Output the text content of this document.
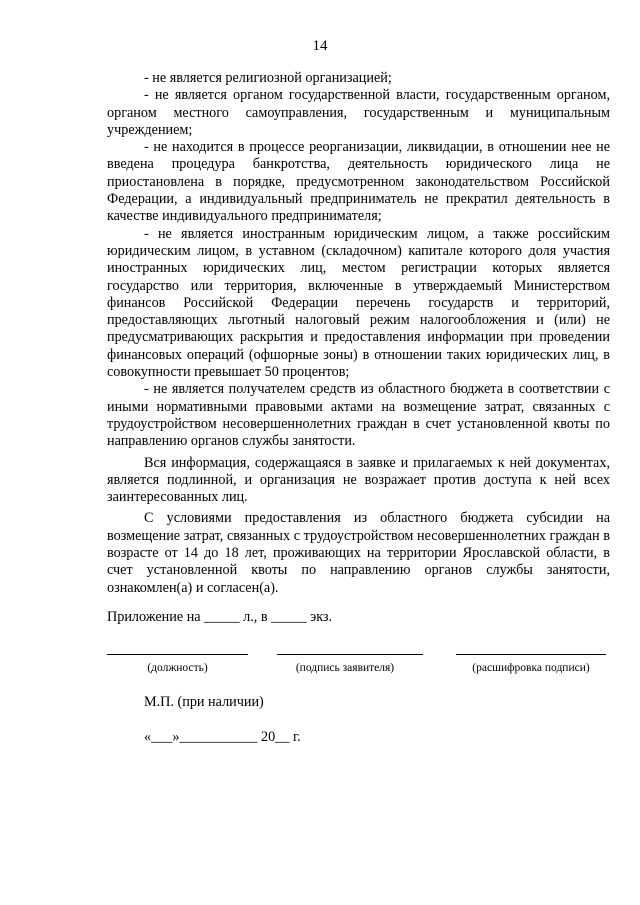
14

- не является религиозной организацией;

- не является органом государственной власти, государственным органом, органом местного самоуправления, государственным и муниципальным учреждением;

- не находится в процессе реорганизации, ликвидации, в отношении нее не введена процедура банкротства, деятельность юридического лица не приостановлена в порядке, предусмотренном законодательством Российской Федерации, а индивидуальный предприниматель не прекратил деятельность в качестве индивидуального предпринимателя;

- не является иностранным юридическим лицом, а также российским юридическим лицом, в уставном (складочном) капитале которого доля участия иностранных юридических лиц, местом регистрации которых является государство или территория, включенные в утверждаемый Министерством финансов Российской Федерации перечень государств и территорий, предоставляющих льготный налоговый режим налогообложения и (или) не предусматривающих раскрытия и предоставления информации при проведении финансовых операций (офшорные зоны) в отношении таких юридических лиц, в совокупности превышает 50 процентов;

- не является получателем средств из областного бюджета в соответствии с иными нормативными правовыми актами на возмещение затрат, связанных с трудоустройством несовершеннолетних граждан в счет установленной квоты по направлению органов службы занятости.

Вся информация, содержащаяся в заявке и прилагаемых к ней документах, является подлинной, и организация не возражает против доступа к ней всех заинтересованных лиц.

С условиями предоставления из областного бюджета субсидии на возмещение затрат, связанных с трудоустройством несовершеннолетних граждан в возрасте от 14 до 18 лет, проживающих на территории Ярославской области, в счет установленной квоты по направлению органов службы занятости, ознакомлен(а) и согласен(а).

Приложение на _____ л., в _____ экз.
(должность)	(подпись заявителя)	(расшифровка подписи)
М.П. (при наличии)
«___»___________ 20__ г.
